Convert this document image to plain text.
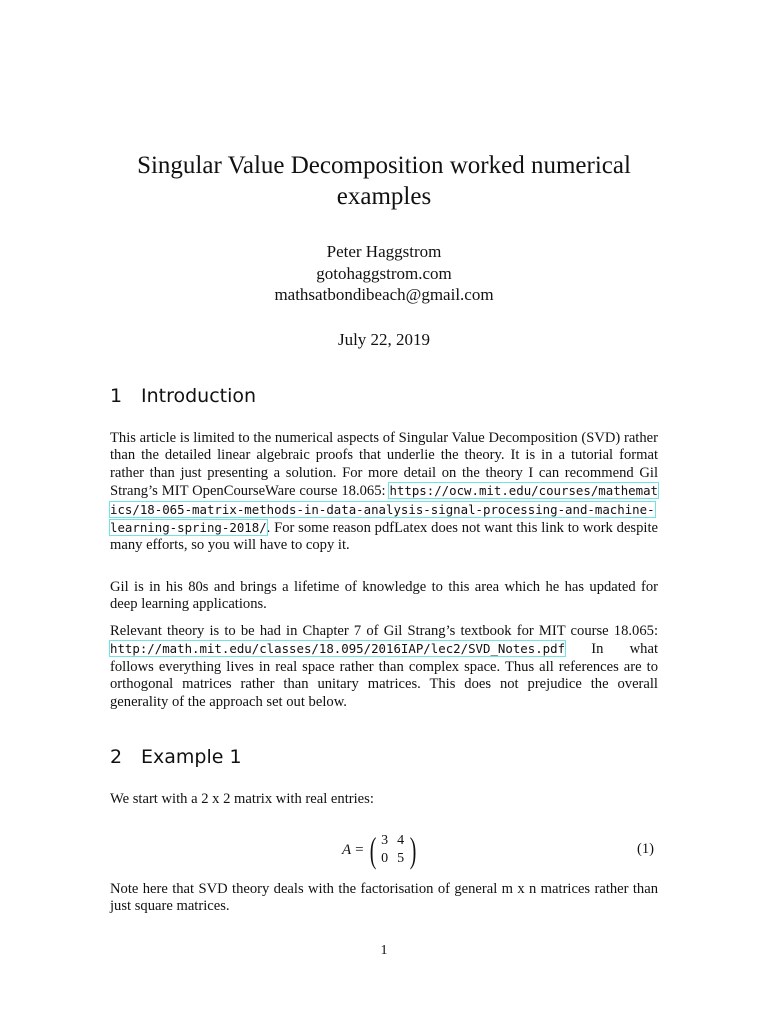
Singular Value Decomposition worked numerical examples
Peter Haggstrom
gotohaggstrom.com
mathsatbondibeach@gmail.com
July 22, 2019
1 Introduction
This article is limited to the numerical aspects of Singular Value Decomposition (SVD) rather than the detailed linear algebraic proofs that underlie the theory. It is in a tutorial format rather than just presenting a solution. For more detail on the theory I can recommend Gil Strang’s MIT OpenCourseWare course 18.065: https://ocw.mit.edu/courses/mathematics/18-065-matrix-methods-in-data-analysis-signal-processing-and-machine-learning-spring-2018/. For some reason pdfLatex does not want this link to work despite many efforts, so you will have to copy it.
Gil is in his 80s and brings a lifetime of knowledge to this area which he has updated for deep learning applications.
Relevant theory is to be had in Chapter 7 of Gil Strang’s textbook for MIT course 18.065: http://math.mit.edu/classes/18.095/2016IAP/lec2/SVD_Notes.pdf In what follows everything lives in real space rather than complex space. Thus all references are to orthogonal matrices rather than unitary matrices. This does not prejudice the overall generality of the approach set out below.
2 Example 1
We start with a 2 x 2 matrix with real entries:
A = ( 3 4
0 5 )	(1)
Note here that SVD theory deals with the factorisation of general m x n matrices rather than just square matrices.
1
